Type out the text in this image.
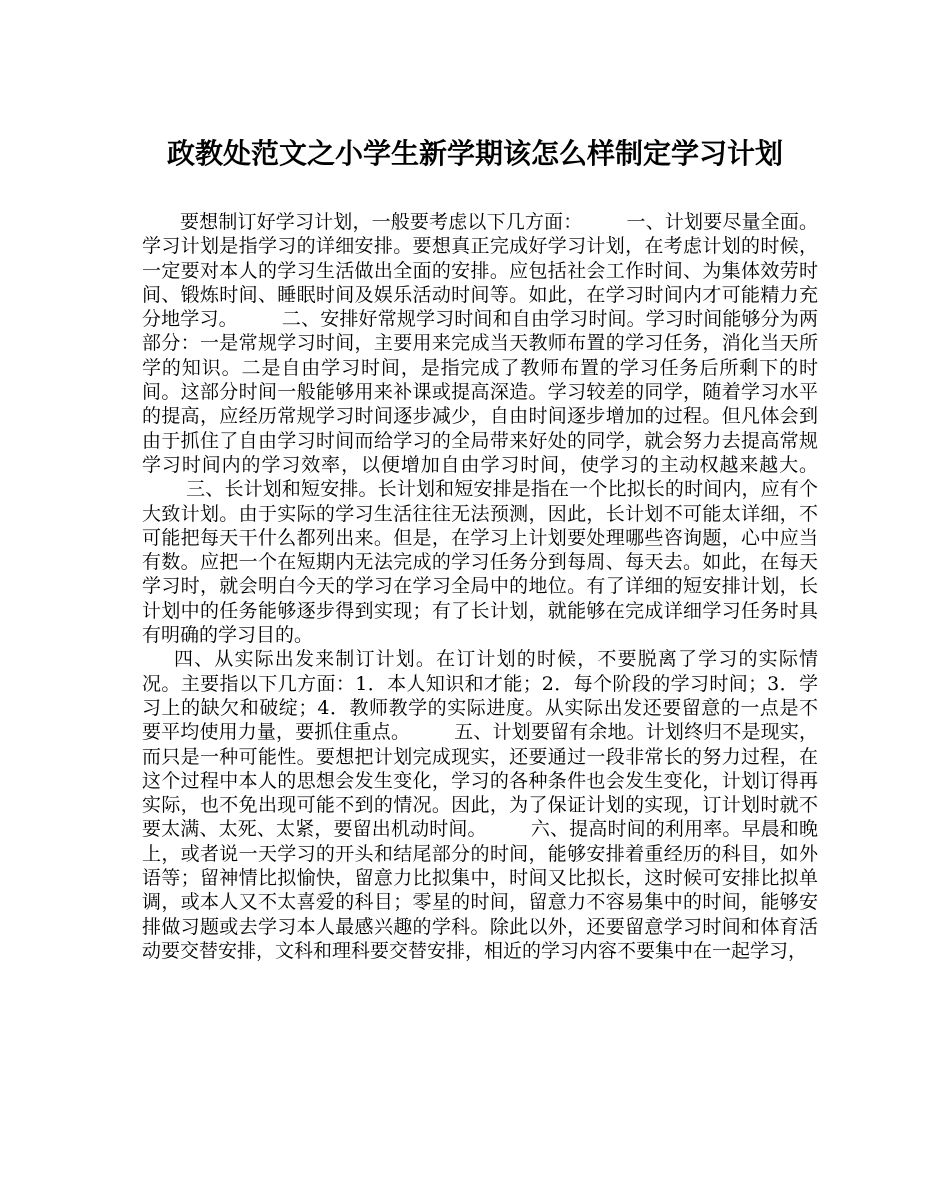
政教处范文之小学生新学期该怎么样制定学习计划

要想制订好学习计划，一般要考虑以下几方面： 一、计划要尽量全面。学习计划是指学习的详细安排。要想真正完成好学习计划，在考虑计划的时候，一定要对本人的学习生活做出全面的安排。应包括社会工作时间、为集体效劳时间、锻炼时间、睡眠时间及娱乐活动时间等。如此，在学习时间内才可能精力充分地学习。 二、安排好常规学习时间和自由学习时间。学习时间能够分为两部分：一是常规学习时间，主要用来完成当天教师布置的学习任务，消化当天所学的知识。二是自由学习时间，是指完成了教师布置的学习任务后所剩下的时间。这部分时间一般能够用来补课或提高深造。学习较差的同学，随着学习水平的提高，应经历常规学习时间逐步减少，自由时间逐步增加的过程。但凡体会到由于抓住了自由学习时间而给学习的全局带来好处的同学，就会努力去提高常规学习时间内的学习效率，以便增加自由学习时间，使学习的主动权越来越大。三、长计划和短安排。长计划和短安排是指在一个比拟长的时间内，应有个大致计划。由于实际的学习生活往往无法预测，因此，长计划不可能太详细，不可能把每天干什么都列出来。但是，在学习上计划要处理哪些咨询题，心中应当有数。应把一个在短期内无法完成的学习任务分到每周、每天去。如此，在每天学习时，就会明白今天的学习在学习全局中的地位。有了详细的短安排计划，长计划中的任务能够逐步得到实现；有了长计划，就能够在完成详细学习任务时具有明确的学习目的。

四、从实际出发来制订计划。在订计划的时候，不要脱离了学习的实际情况。主要指以下几方面：1．本人知识和才能；2．每个阶段的学习时间；3．学习上的缺欠和破绽；4．教师教学的实际进度。从实际出发还要留意的一点是不要平均使用力量，要抓住重点。 五、计划要留有余地。计划终归不是现实，而只是一种可能性。要想把计划完成现实，还要通过一段非常长的努力过程，在这个过程中本人的思想会发生变化，学习的各种条件也会发生变化，计划订得再实际，也不免出现可能不到的情况。因此，为了保证计划的实现，订计划时就不要太满、太死、太紧，要留出机动时间。 六、提高时间的利用率。早晨和晚上，或者说一天学习的开头和结尾部分的时间，能够安排着重经历的科目，如外语等；留神情比拟愉快，留意力比拟集中，时间又比拟长，这时候可安排比拟单调，或本人又不太喜爱的科目；零星的时间，留意力不容易集中的时间，能够安排做习题或去学习本人最感兴趣的学科。除此以外，还要留意学习时间和体育活动要交替安排，文科和理科要交替安排，相近的学习内容不要集中在一起学习，
